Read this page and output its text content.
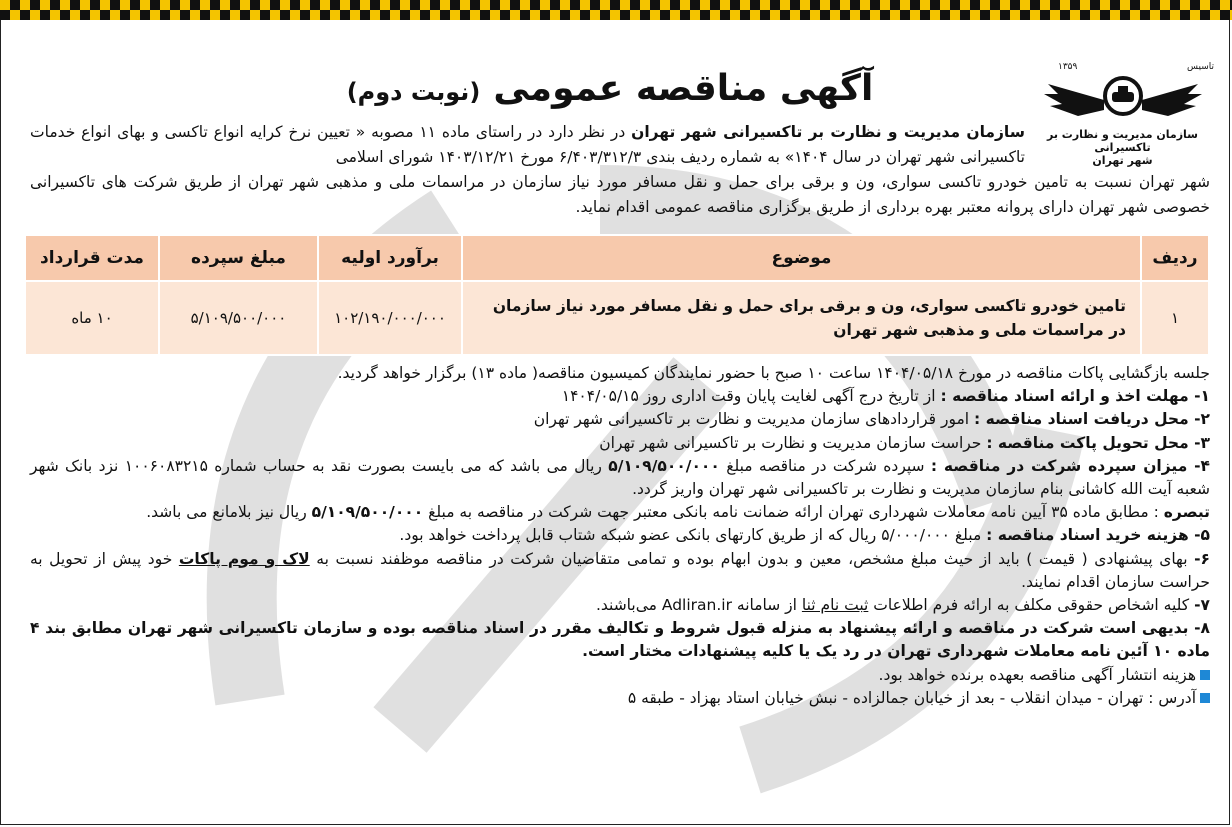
تاسیس
۱۳۵۹
سازمان مدیریت و نظارت بر تاکسیرانی
شهر تهران
آگهی مناقصه عمومی (نوبت دوم)
سازمان مدیریت و نظارت بر تاکسیرانی شهر تهران در نظر دارد در راستای ماده ۱۱ مصوبه « تعیین نرخ کرایه انواع تاکسی و بهای انواع خدمات تاکسیرانی شهر تهران در سال ۱۴۰۴» به شماره ردیف بندی ۶/۴۰۳/۳۱۲/۳ مورخ ۱۴۰۳/۱۲/۲۱ شورای اسلامی
شهر تهران نسبت به تامین خودرو تاکسی سواری، ون و برقی برای حمل و نقل مسافر مورد نیاز سازمان در مراسمات ملی و مذهبی شهر تهران از طریق شرکت های تاکسیرانی خصوصی شهر تهران دارای پروانه معتبر بهره برداری از طریق برگزاری مناقصه عمومی اقدام نماید.
ردیف	موضوع	برآورد اولیه	مبلغ سپرده	مدت قرارداد
۱	تامین خودرو تاکسی سواری، ون و برقی برای حمل و نقل مسافر مورد نیاز سازمان
در مراسمات ملی و مذهبی شهر تهران	۱۰۲/۱۹۰/۰۰۰/۰۰۰	۵/۱۰۹/۵۰۰/۰۰۰	۱۰ ماه

جلسه بازگشایی پاکات مناقصه در مورخ ۱۴۰۴/۰۵/۱۸ ساعت ۱۰ صبح با حضور نمایندگان کمیسیون مناقصه( ماده ۱۳) برگزار خواهد گردید.

۱- مهلت اخذ و ارائه اسناد مناقصه : از تاریخ درج آگهی لغایت پایان وقت اداری روز ۱۴۰۴/۰۵/۱۵

۲- محل دریافت اسناد مناقصه : امور قراردادهای سازمان مدیریت و نظارت بر تاکسیرانی شهر تهران

۳- محل تحویل پاکت مناقصه : حراست سازمان مدیریت و نظارت بر تاکسیرانی شهر تهران

۴- میزان سپرده شرکت در مناقصه : سپرده شرکت در مناقصه مبلغ ۵/۱۰۹/۵۰۰/۰۰۰ ریال می باشد که می بایست بصورت نقد به حساب شماره ۱۰۰۶۰۸۳۲۱۵ نزد بانک شهر شعبه آیت الله کاشانی بنام سازمان مدیریت و نظارت بر تاکسیرانی شهر تهران واریز گردد.

تبصره : مطابق ماده ۳۵ آیین نامه معاملات شهرداری تهران ارائه ضمانت نامه بانکی معتبر جهت شرکت در مناقصه به مبلغ ۵/۱۰۹/۵۰۰/۰۰۰ ریال نیز بلامانع می باشد.

۵- هزینه خرید اسناد مناقصه : مبلغ ۵/۰۰۰/۰۰۰ ریال که از طریق کارتهای بانکی عضو شبکه شتاب قابل پرداخت خواهد بود.

۶- بهای پیشنهادی ( قیمت ) باید از حیث مبلغ مشخص، معین و بدون ابهام بوده و تمامی متقاضیان شرکت در مناقصه موظفند نسبت به لاک و موم پاکات خود پیش از تحویل به حراست سازمان اقدام نمایند.

۷- کلیه اشخاص حقوقی مکلف به ارائه فرم اطلاعات ثبت نام ثنا از سامانه Adliran.ir می‌باشند.

۸- بدیهی است شرکت در مناقصه و ارائه پیشنهاد به منزله قبول شروط و تکالیف مقرر در اسناد مناقصه بوده و سازمان تاکسیرانی شهر تهران مطابق بند ۴ ماده ۱۰ آئین نامه معاملات شهرداری تهران در رد یک یا کلیه پیشنهادات مختار است.

هزینه انتشار آگهی مناقصه بعهده برنده خواهد بود.

آدرس : تهران - میدان انقلاب - بعد از خیابان جمالزاده - نبش خیابان استاد بهزاد - طبقه ۵
